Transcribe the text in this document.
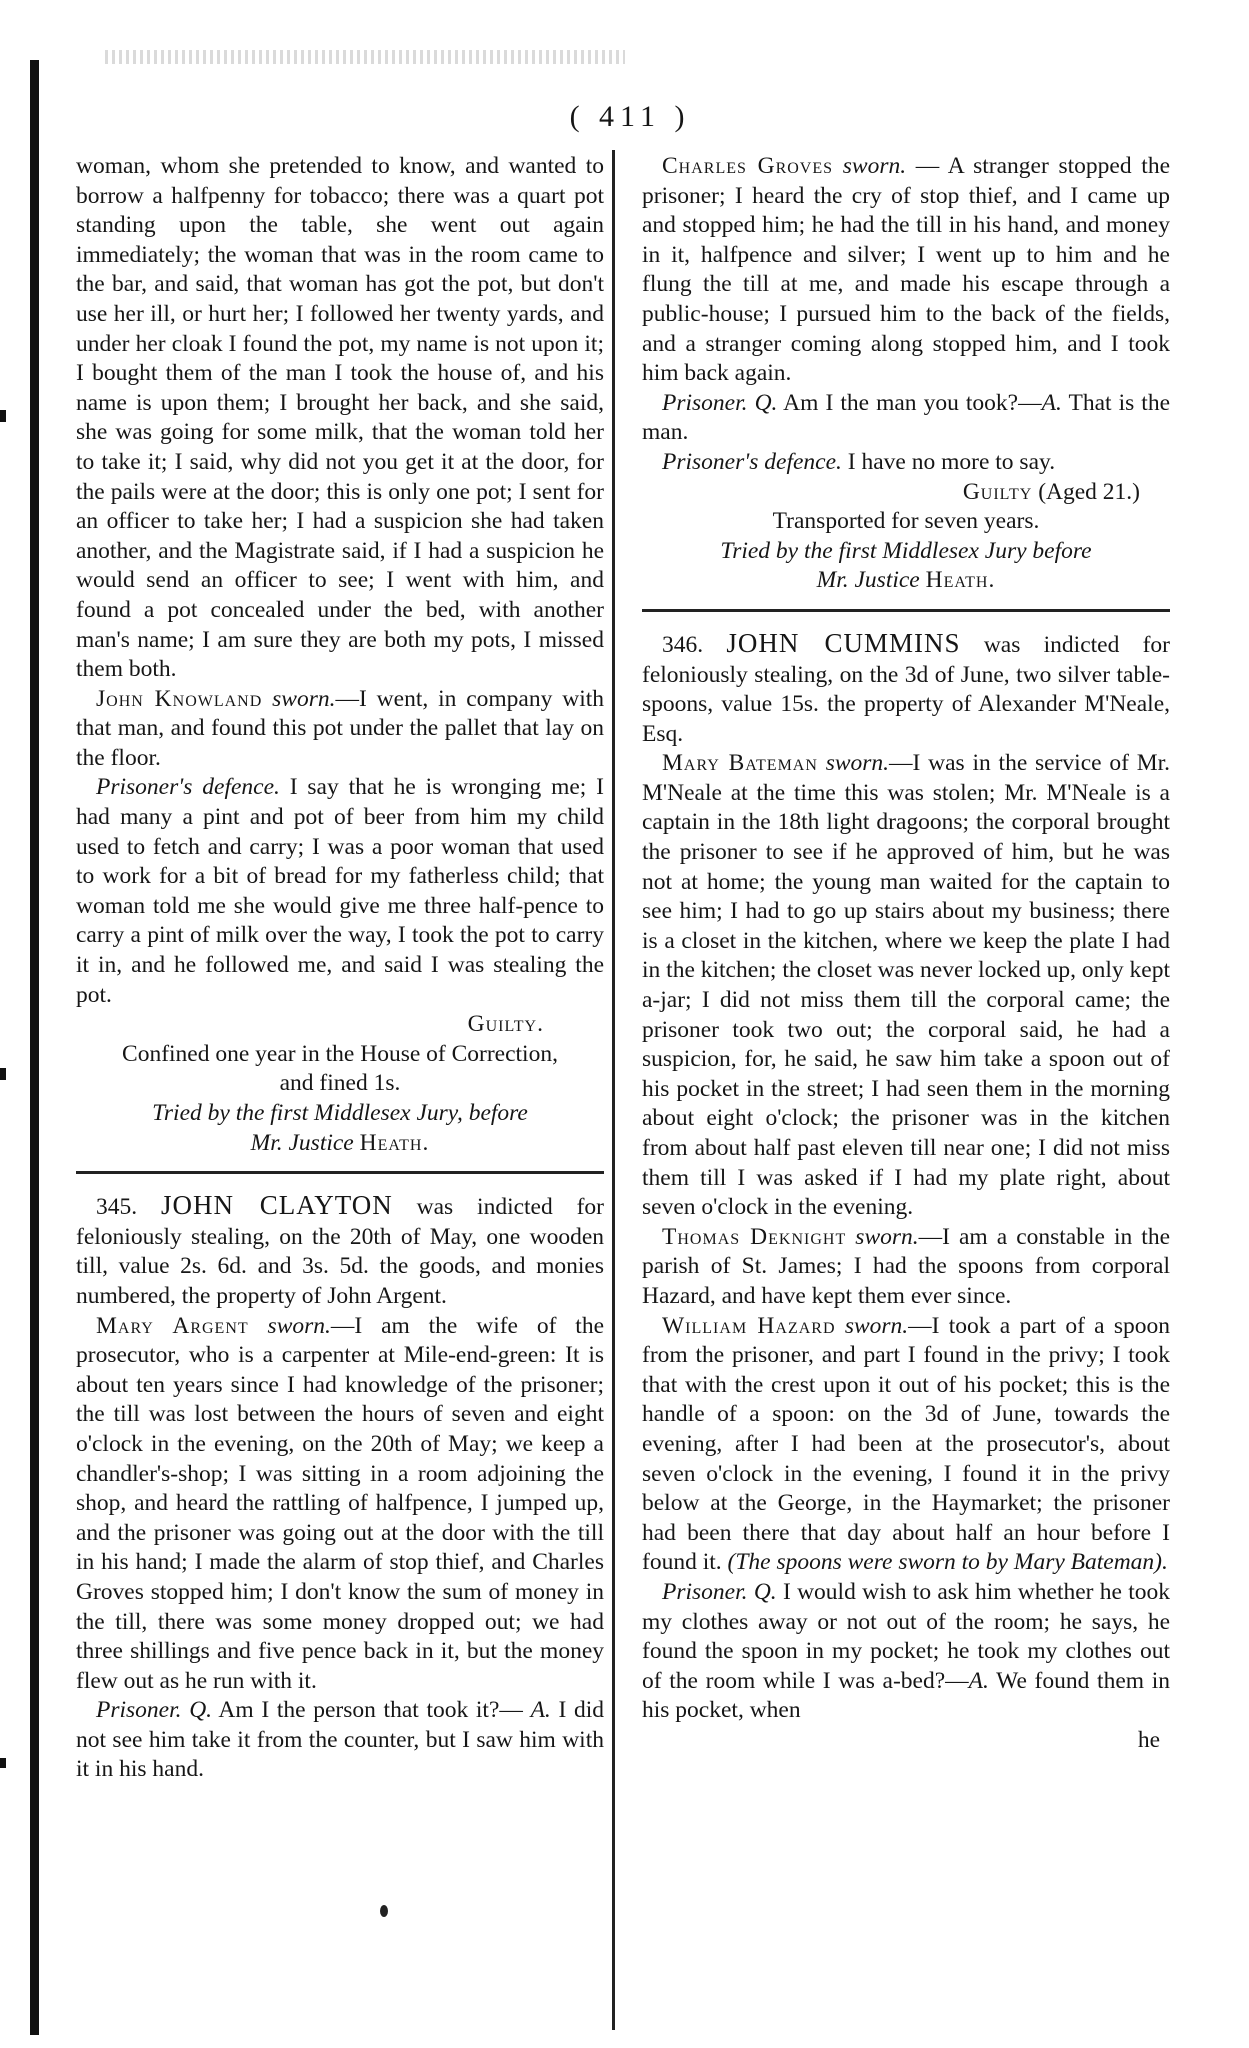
( 411 )

woman, whom she pretended to know, and wanted to borrow a halfpenny for tobacco; there was a quart pot standing upon the table, she went out again immediately; the woman that was in the room came to the bar, and said, that woman has got the pot, but don't use her ill, or hurt her; I followed her twenty yards, and under her cloak I found the pot, my name is not upon it; I bought them of the man I took the house of, and his name is upon them; I brought her back, and she said, she was going for some milk, that the woman told her to take it; I said, why did not you get it at the door, for the pails were at the door; this is only one pot; I sent for an officer to take her; I had a suspicion she had taken another, and the Magistrate said, if I had a suspicion he would send an officer to see; I went with him, and found a pot concealed under the bed, with another man's name; I am sure they are both my pots, I missed them both.

John Knowland sworn.—I went, in company with that man, and found this pot under the pallet that lay on the floor.

Prisoner's defence. I say that he is wronging me; I had many a pint and pot of beer from him my child used to fetch and carry; I was a poor woman that used to work for a bit of bread for my fatherless child; that woman told me she would give me three half-pence to carry a pint of milk over the way, I took the pot to carry it in, and he followed me, and said I was stealing the pot.

Guilty.

Confined one year in the House of Correction,

and fined 1s.

Tried by the first Middlesex Jury, before

Mr. Justice Heath.

345. JOHN CLAYTON was indicted for feloniously stealing, on the 20th of May, one wooden till, value 2s. 6d. and 3s. 5d. the goods, and monies numbered, the property of John Argent.

Mary Argent sworn.—I am the wife of the prosecutor, who is a carpenter at Mile-end-green: It is about ten years since I had knowledge of the prisoner; the till was lost between the hours of seven and eight o'clock in the evening, on the 20th of May; we keep a chandler's-shop; I was sitting in a room adjoining the shop, and heard the rattling of halfpence, I jumped up, and the prisoner was going out at the door with the till in his hand; I made the alarm of stop thief, and Charles Groves stopped him; I don't know the sum of money in the till, there was some money dropped out; we had three shillings and five pence back in it, but the money flew out as he run with it.

Prisoner. Q. Am I the person that took it?— A. I did not see him take it from the counter, but I saw him with it in his hand.

Charles Groves sworn. — A stranger stopped the prisoner; I heard the cry of stop thief, and I came up and stopped him; he had the till in his hand, and money in it, halfpence and silver; I went up to him and he flung the till at me, and made his escape through a public-house; I pursued him to the back of the fields, and a stranger coming along stopped him, and I took him back again.

Prisoner. Q. Am I the man you took?—A. That is the man.

Prisoner's defence. I have no more to say.

Guilty (Aged 21.)

Transported for seven years.

Tried by the first Middlesex Jury before

Mr. Justice Heath.

346. JOHN CUMMINS was indicted for feloniously stealing, on the 3d of June, two silver table-spoons, value 15s. the property of Alexander M'Neale, Esq.

Mary Bateman sworn.—I was in the service of Mr. M'Neale at the time this was stolen; Mr. M'Neale is a captain in the 18th light dragoons; the corporal brought the prisoner to see if he approved of him, but he was not at home; the young man waited for the captain to see him; I had to go up stairs about my business; there is a closet in the kitchen, where we keep the plate I had in the kitchen; the closet was never locked up, only kept a-jar; I did not miss them till the corporal came; the prisoner took two out; the corporal said, he had a suspicion, for, he said, he saw him take a spoon out of his pocket in the street; I had seen them in the morning about eight o'clock; the prisoner was in the kitchen from about half past eleven till near one; I did not miss them till I was asked if I had my plate right, about seven o'clock in the evening.

Thomas Deknight sworn.—I am a constable in the parish of St. James; I had the spoons from corporal Hazard, and have kept them ever since.

William Hazard sworn.—I took a part of a spoon from the prisoner, and part I found in the privy; I took that with the crest upon it out of his pocket; this is the handle of a spoon: on the 3d of June, towards the evening, after I had been at the prosecutor's, about seven o'clock in the evening, I found it in the privy below at the George, in the Haymarket; the prisoner had been there that day about half an hour before I found it. (The spoons were sworn to by Mary Bateman).

Prisoner. Q. I would wish to ask him whether he took my clothes away or not out of the room; he says, he found the spoon in my pocket; he took my clothes out of the room while I was a-bed?—A. We found them in his pocket, when

he
